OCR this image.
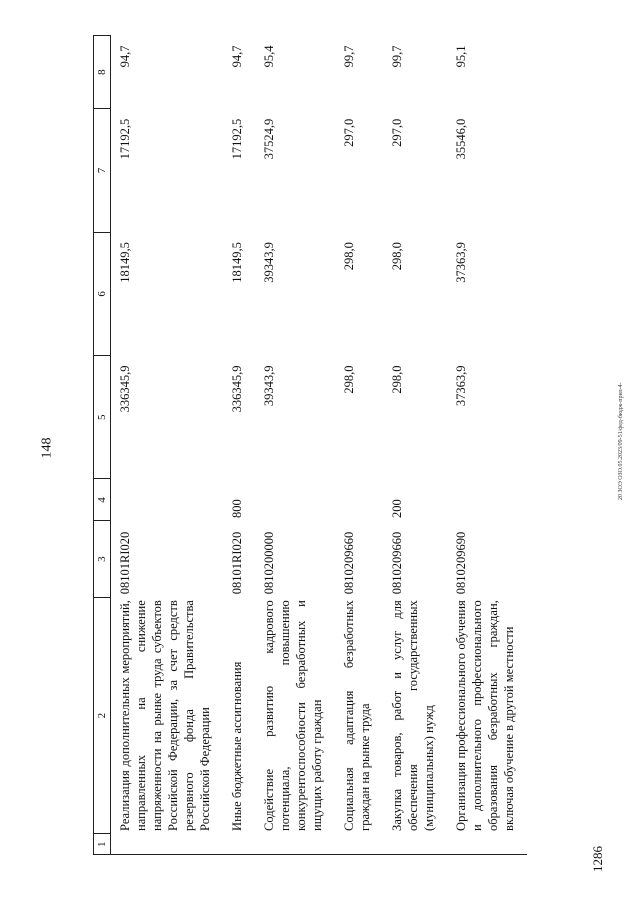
148
1286
20 ЗОЭ ОЗО.05.2023/09-51/фед-бюдж-прил-4-
1	2	3	4	5	6	7	8
	Реализация дополнительных мероприятий, направленных на снижение напряженности на рынке труда субъектов Российской Федерации, за счет средств резервного фонда Правительства Российской Федерации	08101RI020		336345,9	18149,5	17192,5	94,7
	Иные бюджетные ассигнования	08101RI020	800	336345,9	18149,5	17192,5	94,7
	Содействие развитию кадрового потенциала, повышению конкурентоспособности безработных и ищущих работу граждан	0810200000		39343,9	39343,9	37524,9	95,4
	Социальная адаптация безработных граждан на рынке труда	0810209660		298,0	298,0	297,0	99,7
	Закупка товаров, работ и услуг для обеспечения государственных (муниципальных) нужд	0810209660	200	298,0	298,0	297,0	99,7
	Организация профессионального обучения и дополнительного профессионального образования безработных граждан, включая обучение в другой местности	0810209690		37363,9	37363,9	35546,0	95,1
